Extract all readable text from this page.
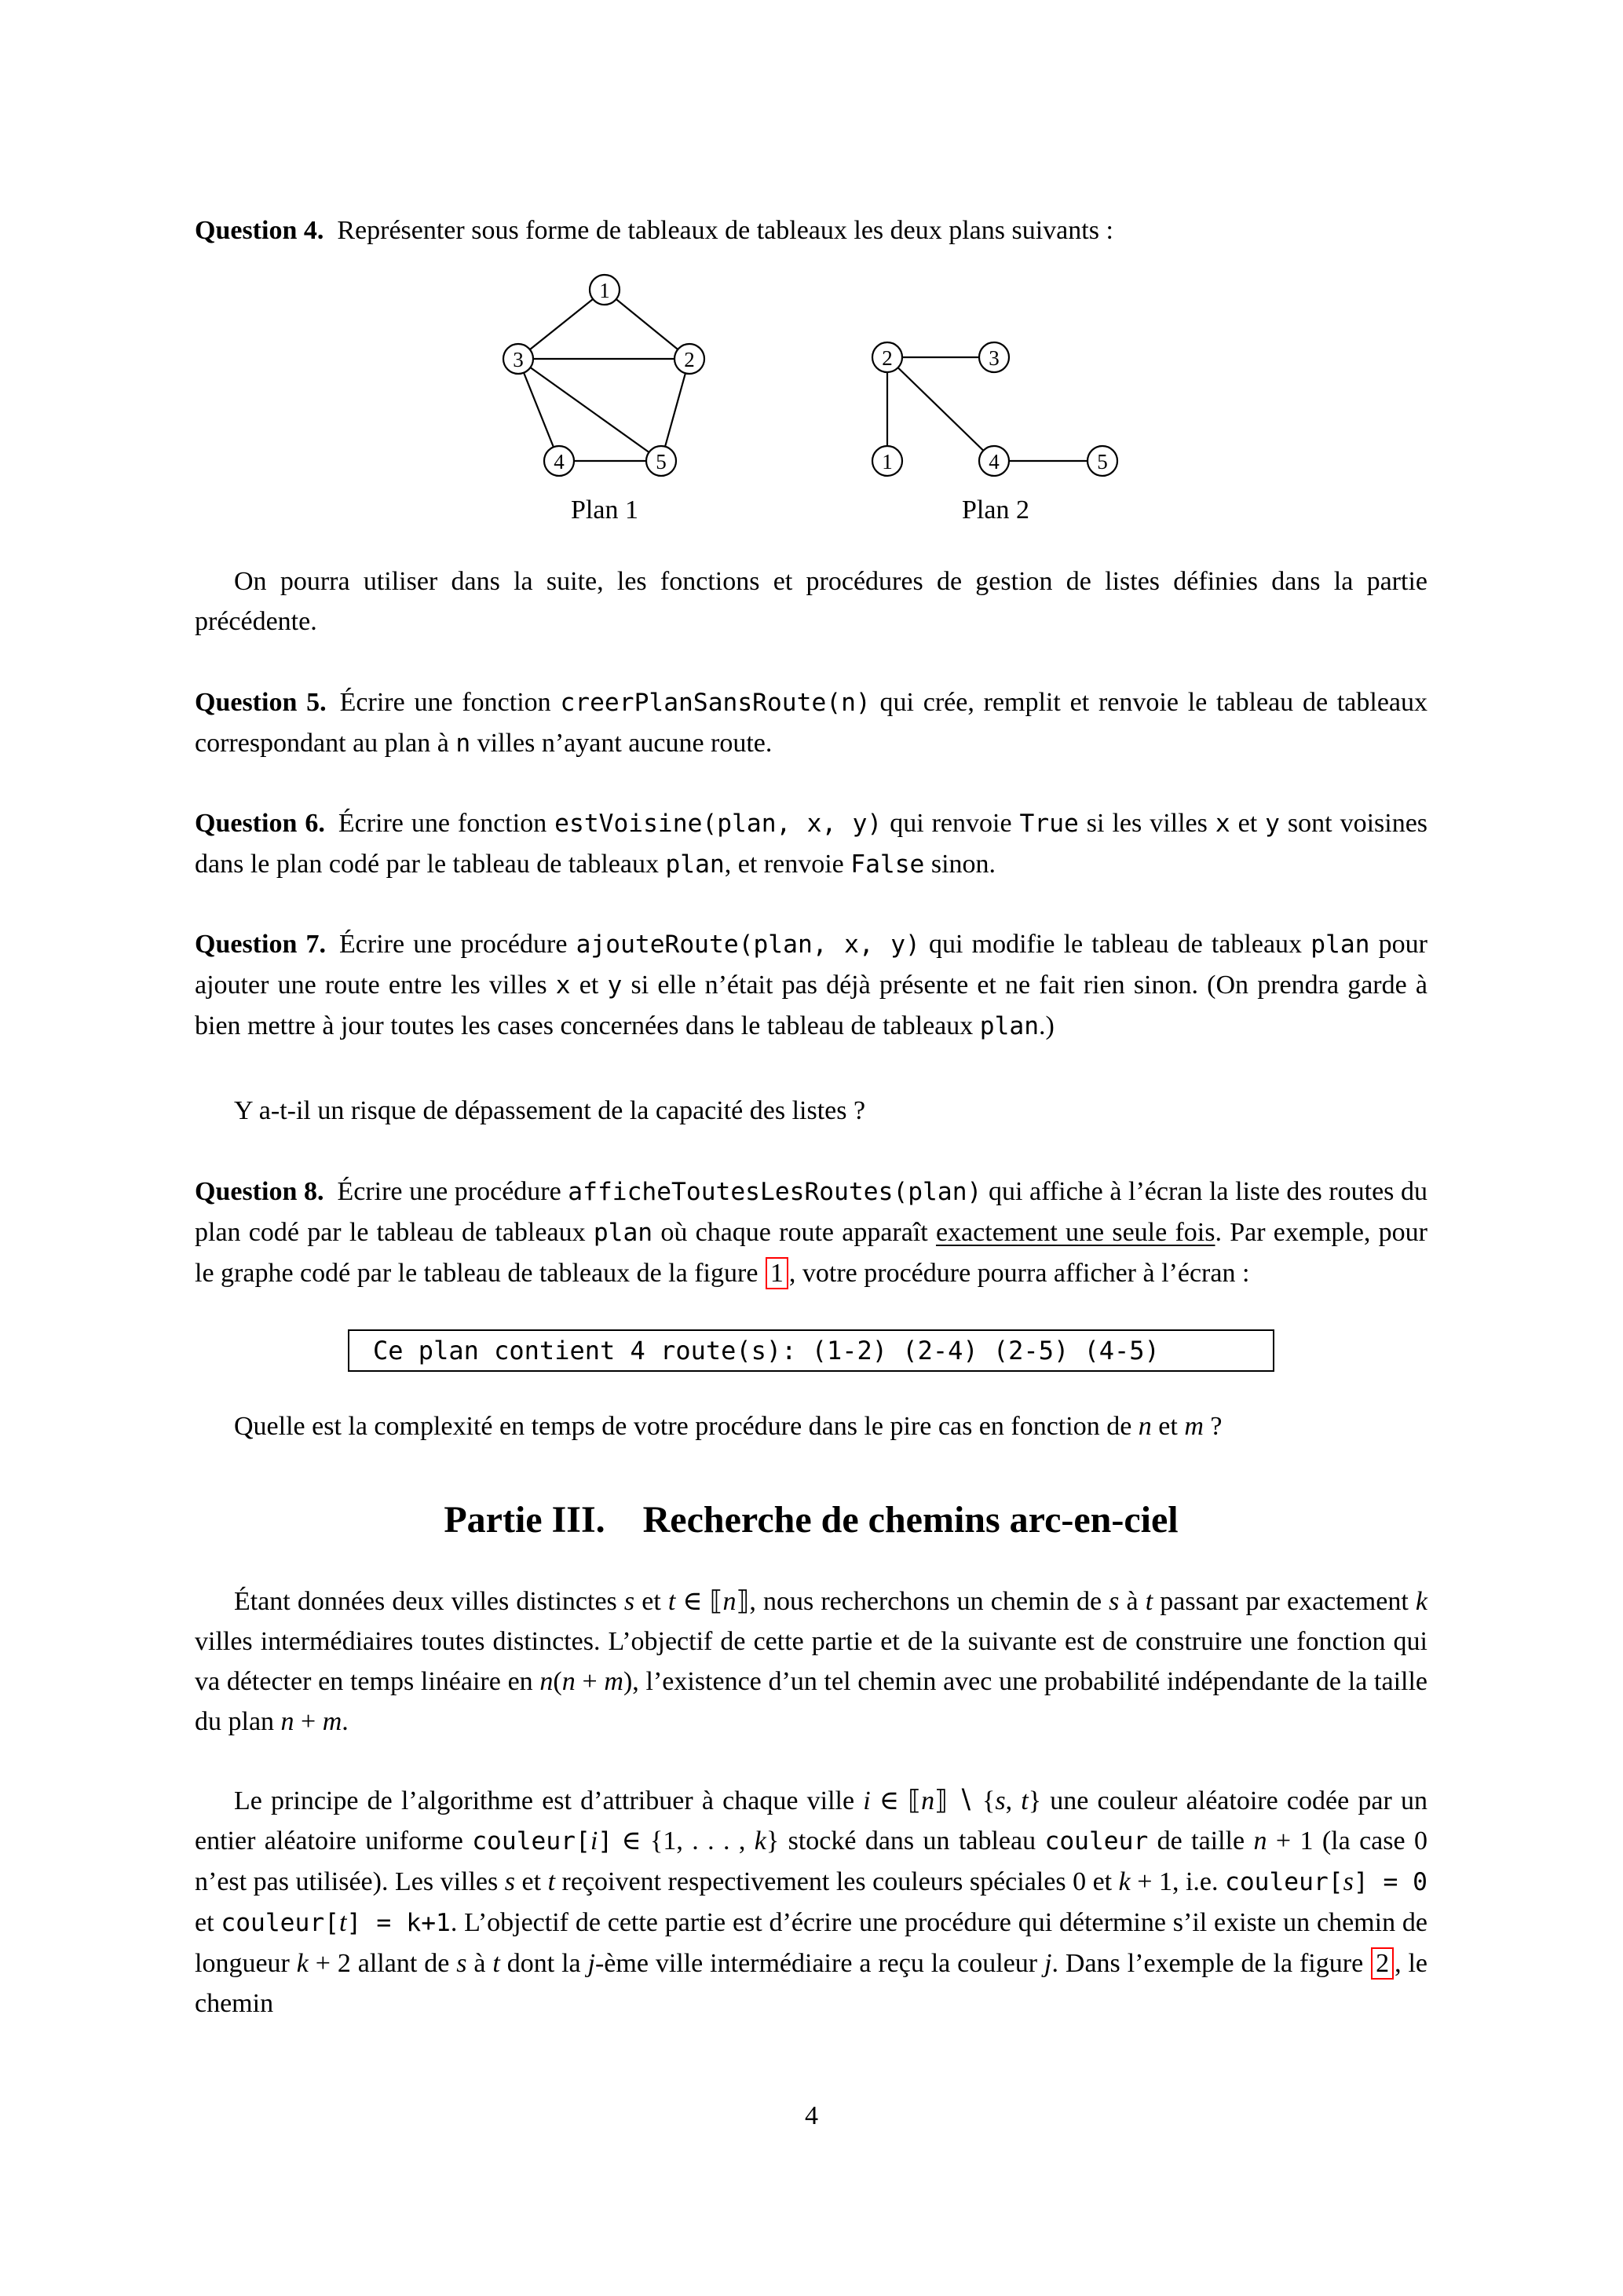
Question 4. Représenter sous forme de tableaux de tableaux les deux plans suivants :
1
3	2
4	5
Plan 1
2	3
1	4	5
Plan 2
On pourra utiliser dans la suite, les fonctions et procédures de gestion de listes définies dans la partie précédente.
Question 5. Écrire une fonction creerPlanSansRoute(n) qui crée, remplit et renvoie le tableau de tableaux correspondant au plan à n villes n’ayant aucune route.
Question 6. Écrire une fonction estVoisine(plan, x, y) qui renvoie True si les villes x et y sont voisines dans le plan codé par le tableau de tableaux plan, et renvoie False sinon.
Question 7. Écrire une procédure ajouteRoute(plan, x, y) qui modifie le tableau de tableaux plan pour ajouter une route entre les villes x et y si elle n’était pas déjà présente et ne fait rien sinon. (On prendra garde à bien mettre à jour toutes les cases concernées dans le tableau de tableaux plan.)
Y a-t-il un risque de dépassement de la capacité des listes ?
Question 8. Écrire une procédure afficheToutesLesRoutes(plan) qui affiche à l’écran la liste des routes du plan codé par le tableau de tableaux plan où chaque route apparaît exactement une seule fois. Par exemple, pour le graphe codé par le tableau de tableaux de la figure 1 , votre procédure pourra afficher à l’écran :
Ce plan contient 4 route(s): (1-2) (2-4) (2-5) (4-5)
Quelle est la complexité en temps de votre procédure dans le pire cas en fonction de n et m ?
Partie III. Recherche de chemins arc-en-ciel
Étant données deux villes distinctes s et t ∈ ⟦n⟧, nous recherchons un chemin de s à t passant par exactement k villes intermédiaires toutes distinctes. L’objectif de cette partie et de la suivante est de construire une fonction qui va détecter en temps linéaire en n(n + m), l’existence d’un tel chemin avec une probabilité indépendante de la taille du plan n + m.
Le principe de l’algorithme est d’attribuer à chaque ville i ∈ ⟦n⟧ ∖ {s, t} une couleur aléatoire codée par un entier aléatoire uniforme couleur[i] ∈ {1, . . . , k} stocké dans un tableau couleur de taille n + 1 (la case 0 n’est pas utilisée). Les villes s et t reçoivent respectivement les couleurs spéciales 0 et k + 1, i.e. couleur[s] = 0 et couleur[t] = k+1. L’objectif de cette partie est d’écrire une procédure qui détermine s’il existe un chemin de longueur k + 2 allant de s à t dont la j-ème ville intermédiaire a reçu la couleur j. Dans l’exemple de la figure 2 , le chemin
4
